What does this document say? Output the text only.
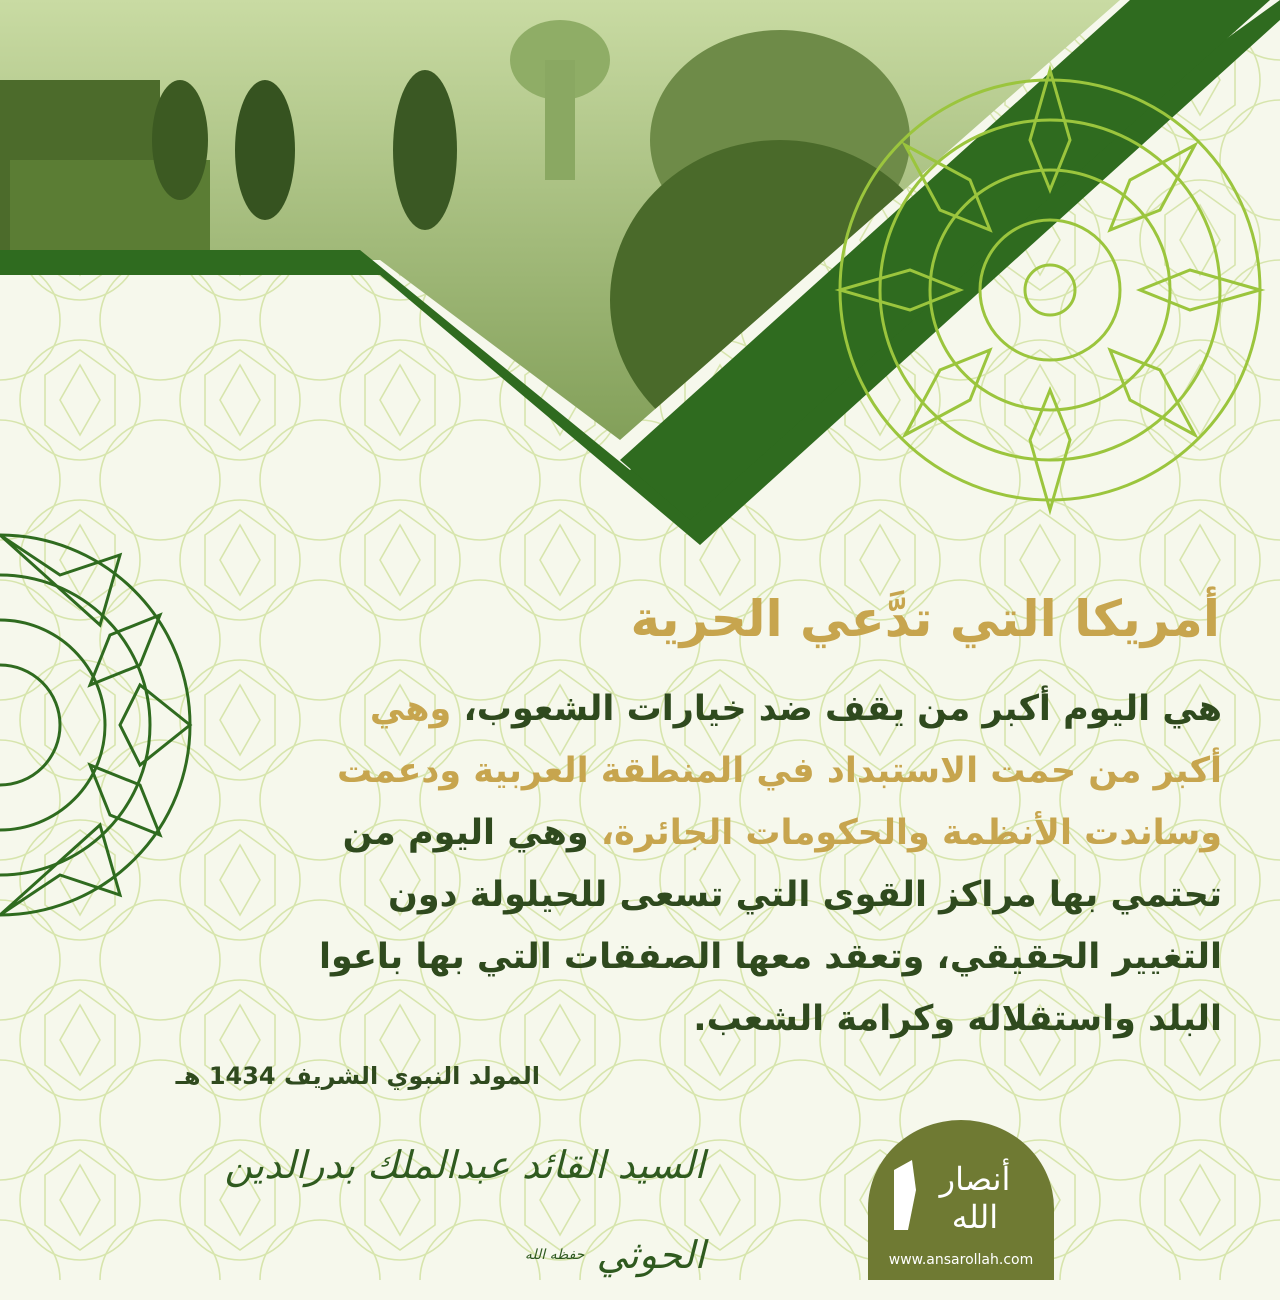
أمريكا التي تدَّعي الحرية
هي اليوم أكبر من يقف ضد خيارات الشعوب، وهي
أكبر من حمت الاستبداد في المنطقة العربية ودعمت
وساندت الأنظمة والحكومات الجائرة، وهي اليوم من
تحتمي بها مراكز القوى التي تسعى للحيلولة دون
التغيير الحقيقي، وتعقد معها الصفقات التي بها باعوا
البلد واستقلاله وكرامة الشعب.
المولد النبوي الشريف 1434 هـ
السيد القائد عبدالملك بدرالدين الحوثي $^{حفظه الله}$
أنصار الله
www.ansarollah.com
